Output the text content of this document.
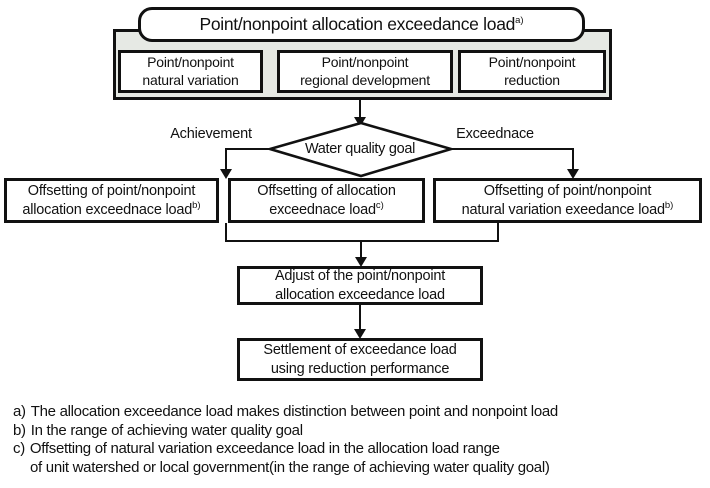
Point/nonpoint allocation exceedance load$^{a)}$
Point/nonpoint
natural variation
Point/nonpoint
regional development
Point/nonpoint
reduction
Achievement	Exceednace
Water quality goal
Offsetting of point/nonpoint
allocation exceednace load$^{b)}$
Offsetting of allocation
exceednace load$^{c)}$
Offsetting of point/nonpoint
natural variation exeedance load$^{b)}$
Adjust of the point/nonpoint
allocation exceedance load
Settlement of exceedance load
using reduction performance
a) The allocation exceedance load makes distinction between point and nonpoint load
b) In the range of achieving water quality goal
c) Offsetting of natural variation exceedance load in the allocation load range
of unit watershed or local government(in the range of achieving water quality goal)
